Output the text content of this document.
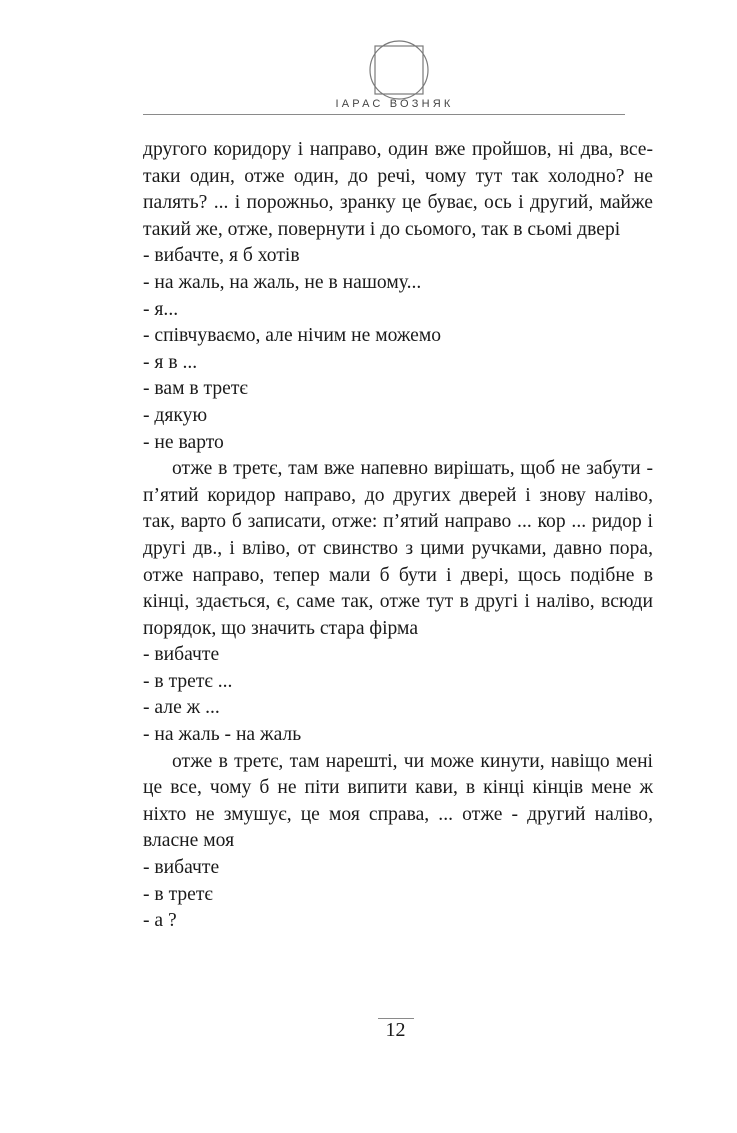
ІАРАС ВОЗНЯК

другого коридору і направо, один вже пройшов, ні два, все-таки один, отже один, до речі, чому тут так холодно? не палять? ... і порожньо, зранку це буває, ось і другий, майже такий же, отже, повернути і до сьомого, так в сьомі двері

- вибачте, я б хотів

- на жаль, на жаль, не в нашому...

- я...

- співчуваємо, але нічим не можемо

- я в ...

- вам в третє

- дякую

- не варто

отже в третє, там вже напевно вирішать, щоб не забути - п’ятий коридор направо, до других дверей і знову наліво, так, варто б записати, отже: п’ятий направо ... кор ... ридор і другі дв., і вліво, от свинство з цими ручками, давно пора, отже направо, тепер мали б бути і двері, щось подібне в кінці, здається, є, саме так, отже тут в другі і наліво, всюди порядок, що значить стара фірма

- вибачте

- в третє ...

- але ж ...

- на жаль - на жаль

отже в третє, там нарешті, чи може кинути, навіщо мені це все, чому б не піти випити кави, в кінці кінців мене ж ніхто не змушує, це моя справа, ... отже - другий наліво, власне моя

- вибачте

- в третє

- а ?

12
